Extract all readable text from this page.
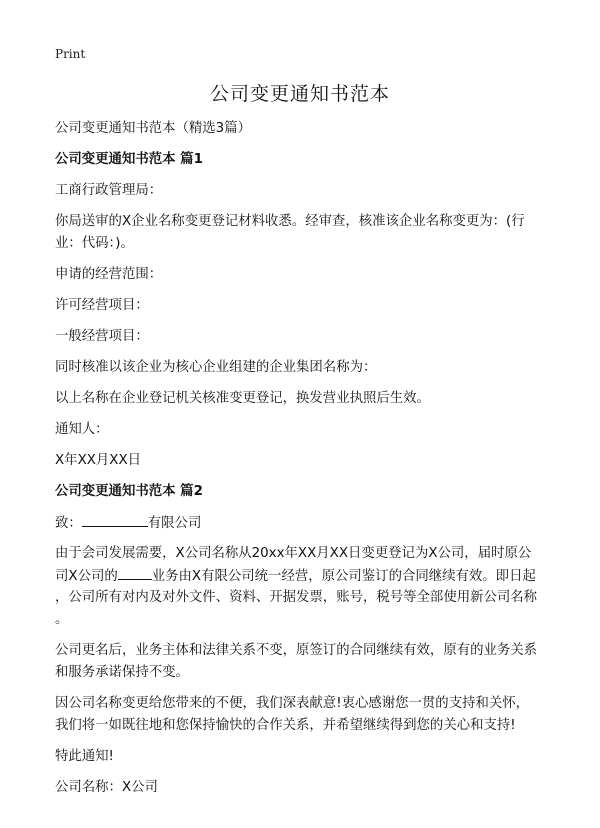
Print
公司变更通知书范本

公司变更通知书范本（精选3篇）

公司变更通知书范本 篇1

工商行政管理局：

你局送审的X企业名称变更登记材料收悉。经审查，核准该企业名称变更为：(行

业：代码：)。

申请的经营范围：

许可经营项目：

一般经营项目：

同时核准以该企业为核心企业组建的企业集团名称为：

以上名称在企业登记机关核准变更登记，换发营业执照后生效。

通知人：

X年XX月XX日

公司变更通知书范本 篇2

致：	有限公司

由于会司发展需要，X公司名称从20xx年XX月XX日变更登记为X公司，届时原公

司X公司的	业务由X有限公司统一经营，原公司鉴订的合同继续有效。即日起

，公司所有对内及对外文件、资料、开据发票，账号，税号等全部使用新公司名称

。

公司更名后，业务主体和法律关系不变，原签订的合同继续有效，原有的业务关系

和服务承诺保持不变。

因公司名称变更给您带来的不便，我们深表献意!衷心感谢您一贯的支持和关怀，

我们将一如既往地和您保持愉快的合作关系，并希望继续得到您的关心和支持!

特此通知!

公司名称：X公司
